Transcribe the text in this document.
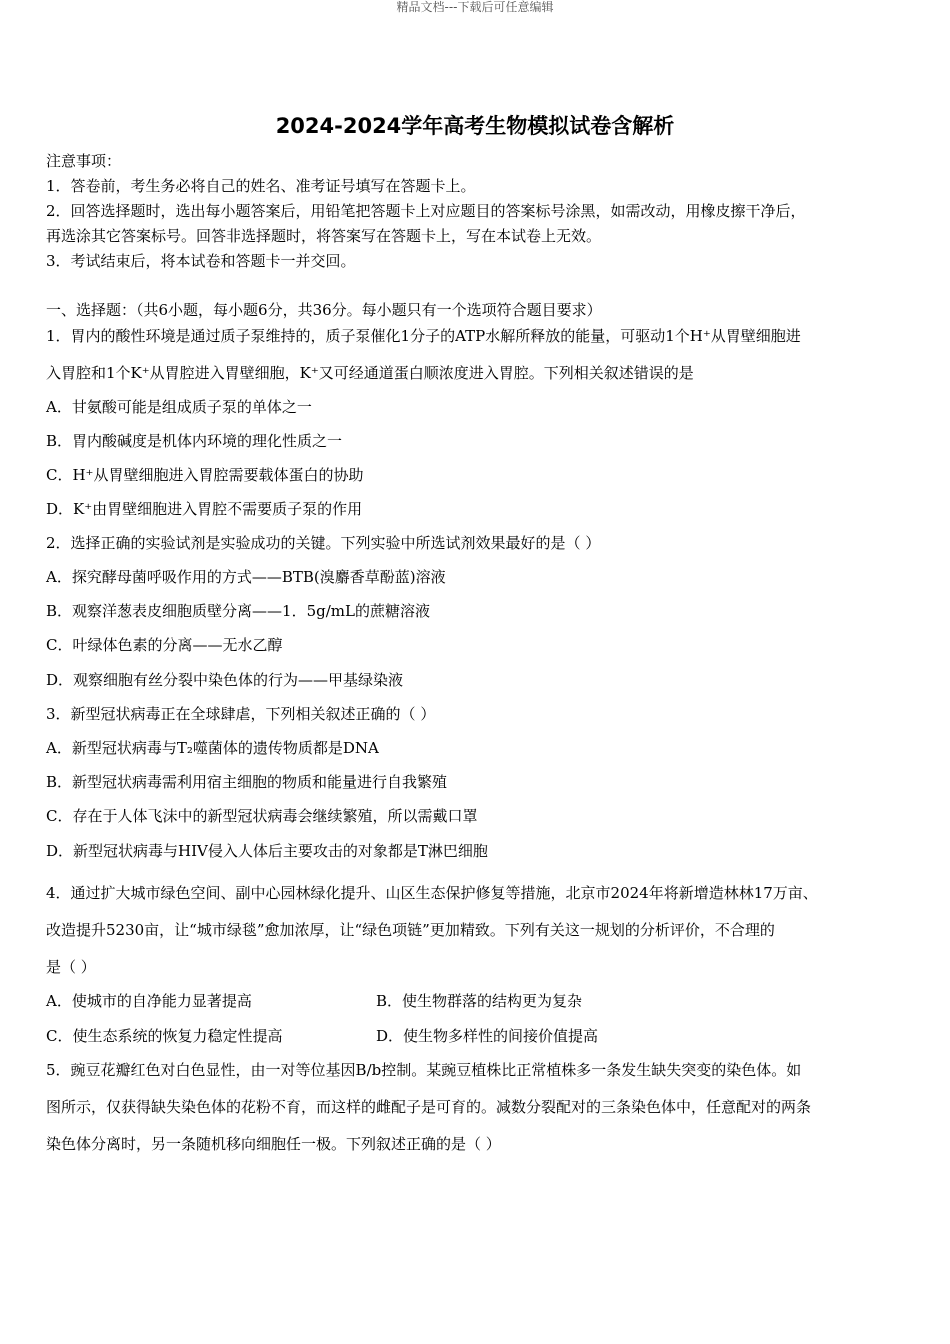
精品文档---下载后可任意编辑
2024-2024学年高考生物模拟试卷含解析
注意事项：
1．答卷前，考生务必将自己的姓名、准考证号填写在答题卡上。
2．回答选择题时，选出每小题答案后，用铅笔把答题卡上对应题目的答案标号涂黑，如需改动，用橡皮擦干净后，
再选涂其它答案标号。回答非选择题时，将答案写在答题卡上，写在本试卷上无效。
3．考试结束后，将本试卷和答题卡一并交回。
一、选择题：（共6小题，每小题6分，共36分。每小题只有一个选项符合题目要求）
1．胃内的酸性环境是通过质子泵维持的，质子泵催化1分子的ATP水解所释放的能量，可驱动1个H⁺从胃壁细胞进
入胃腔和1个K⁺从胃腔进入胃壁细胞，K⁺又可经通道蛋白顺浓度进入胃腔。下列相关叙述错误的是
A．甘氨酸可能是组成质子泵的单体之一
B．胃内酸碱度是机体内环境的理化性质之一
C．H⁺从胃壁细胞进入胃腔需要载体蛋白的协助
D．K⁺由胃壁细胞进入胃腔不需要质子泵的作用
2．选择正确的实验试剂是实验成功的关键。下列实验中所选试剂效果最好的是（ ）
A．探究酵母菌呼吸作用的方式——BTB(溴麝香草酚蓝)溶液
B．观察洋葱表皮细胞质壁分离——1．5g/mL的蔗糖溶液
C．叶绿体色素的分离——无水乙醇
D．观察细胞有丝分裂中染色体的行为——甲基绿染液
3．新型冠状病毒正在全球肆虐，下列相关叙述正确的（ ）
A．新型冠状病毒与T₂噬菌体的遗传物质都是DNA
B．新型冠状病毒需利用宿主细胞的物质和能量进行自我繁殖
C．存在于人体飞沫中的新型冠状病毒会继续繁殖，所以需戴口罩
D．新型冠状病毒与HIV侵入人体后主要攻击的对象都是T淋巴细胞
4．通过扩大城市绿色空间、副中心园林绿化提升、山区生态保护修复等措施，北京市2024年将新增造林林17万亩、
改造提升5230亩，让“城市绿毯”愈加浓厚，让“绿色项链”更加精致。下列有关这一规划的分析评价，不合理的
是（ ）
A．使城市的自净能力显著提高	B．使生物群落的结构更为复杂
C．使生态系统的恢复力稳定性提高	D．使生物多样性的间接价值提高
5．豌豆花瓣红色对白色显性，由一对等位基因B/b控制。某豌豆植株比正常植株多一条发生缺失突变的染色体。如
图所示，仅获得缺失染色体的花粉不育，而这样的雌配子是可育的。减数分裂配对的三条染色体中，任意配对的两条
染色体分离时，另一条随机移向细胞任一极。下列叙述正确的是（ ）
